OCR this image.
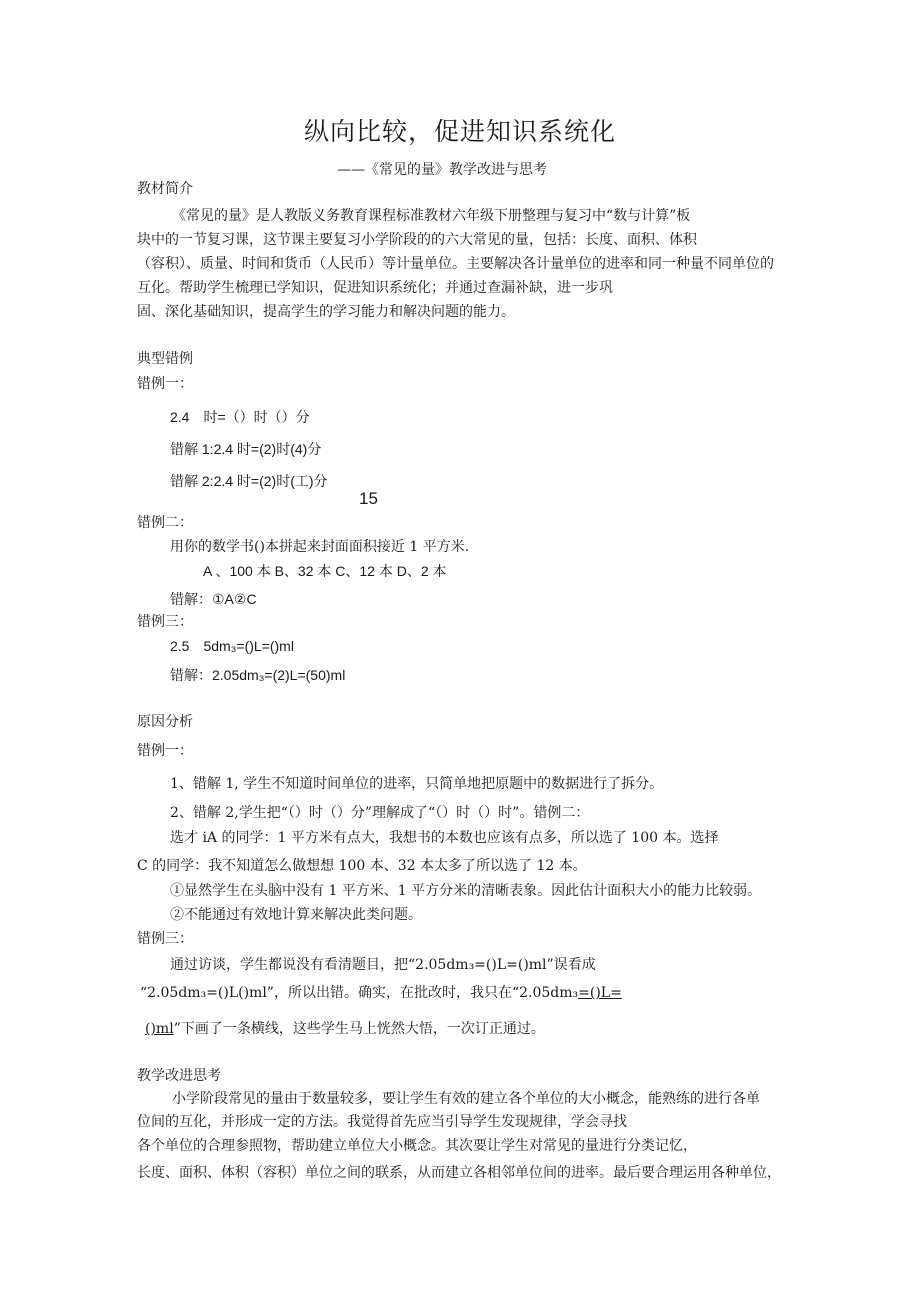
纵向比较，促进知识系统化
——《常见的量》教学改进与思考
教材简介
《常见的量》是人教版义务教育课程标准教材六年级下册整理与复习中“数与计算”板
块中的一节复习课，这节课主要复习小学阶段的的六大常见的量，包括：长度、面积、体积
（容积）、质量、时间和货币（人民币）等计量单位。主要解决各计量单位的进率和同一种量不同单位的
互化。帮助学生梳理已学知识，促进知识系统化；并通过查漏补缺，进一步巩
固、深化基础知识，提高学生的学习能力和解决问题的能力。
典型错例
错例一：
2.4　时=（）时（）分
错解 1:2.4 时=(2)时(4)分
错解 2:2.4 时=(2)时(工)分
15
错例二：
用你的数学书()本拼起来封面面积接近 1 平方米.
A 、100 本 B、32 本 C、12 本 D、2 本
错解：①A②C
错例三：
2.5　5dm₃=()L=()ml
错解：2.05dm₃=(2)L=(50)ml
原因分析
错例一：
1、错解 1, 学生不知道时间单位的进率，只简单地把原题中的数据进行了拆分。
2、错解 2,学生把“（）时（）分”理解成了“（）时（）时”。错例二：
选才 iA 的同学：1 平方米有点大，我想书的本数也应该有点多，所以选了 100 本。选择
C 的同学：我不知道怎么做想想 100 本、32 本太多了所以选了 12 本。
①显然学生在头脑中没有 1 平方米、1 平方分米的清晰表象。因此估计面积大小的能力比较弱。
②不能通过有效地计算来解决此类问题。
错例三：
通过访谈，学生都说没有看清题目，把“2.05dm₃=()L=()ml”误看成
“2.05dm₃=()L()ml”，所以出错。确实，在批改时，我只在“2.05dm₃=()L=
()ml”下画了一条横线，这些学生马上恍然大悟，一次订正通过。
教学改进思考
小学阶段常见的量由于数量较多，要让学生有效的建立各个单位的大小概念，能熟练的进行各单
位间的互化，并形成一定的方法。我觉得首先应当引导学生发现规律，学会寻找
各个单位的合理参照物，帮助建立单位大小概念。其次要让学生对常见的量进行分类记忆，
长度、面积、体积（容积）单位之间的联系，从而建立各相邻单位间的进率。最后要合理运用各种单位，
